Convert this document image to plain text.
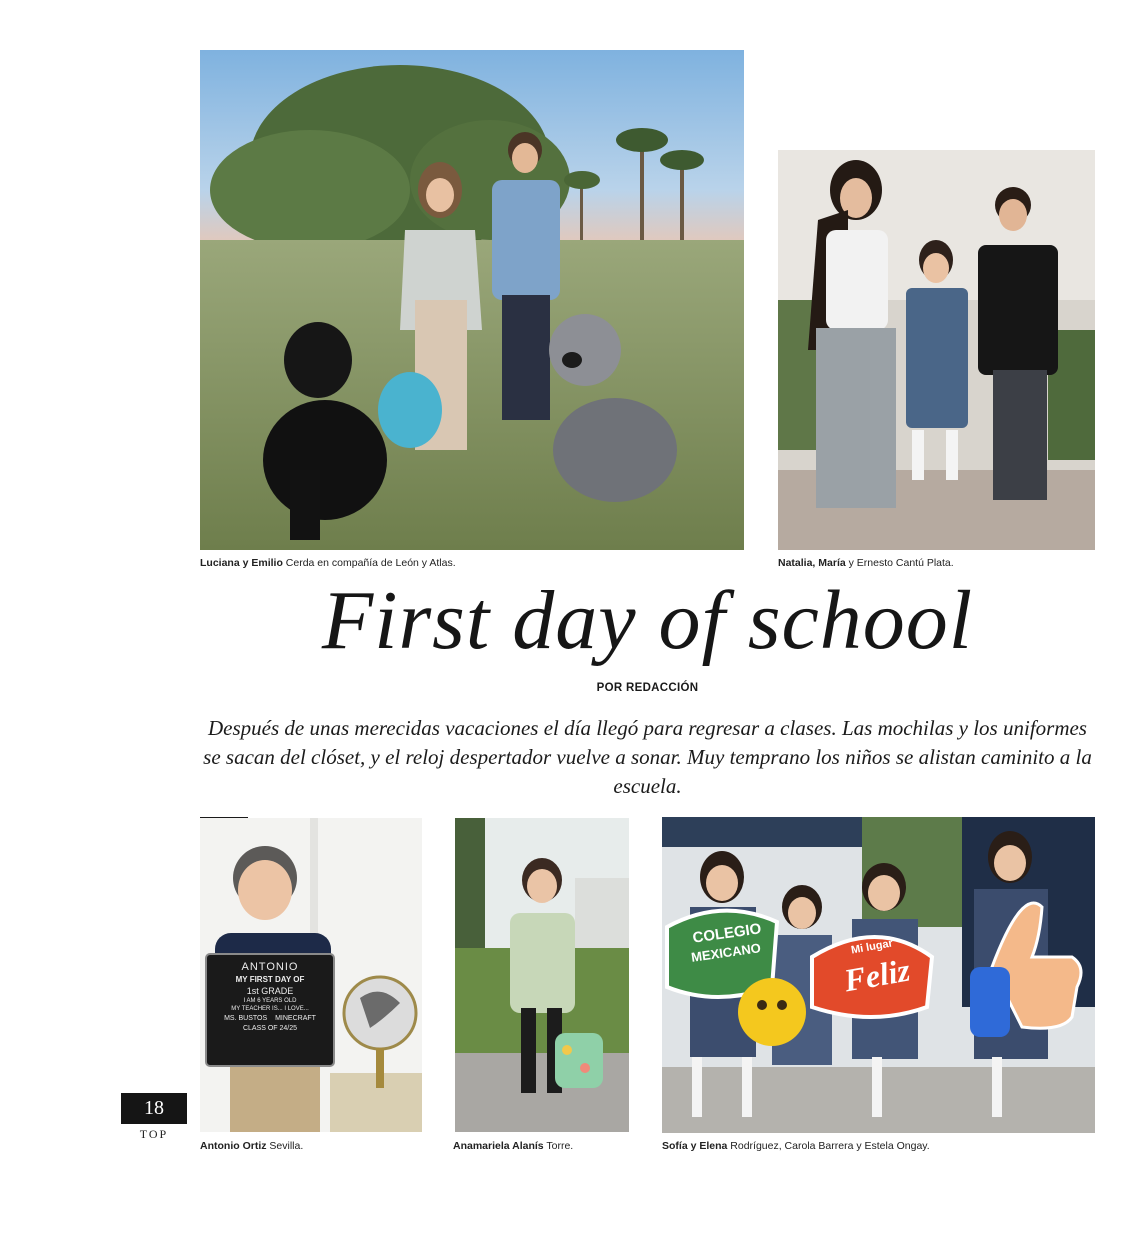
Luciana y Emilio Cerda en compañía de León y Atlas.	Natalia, María y Ernesto Cantú Plata.
First day of school
POR REDACCIÓN

Después de unas merecidas vacaciones el día llegó para regresar a clases. Las mochilas y los uniformes se sacan del clóset, y el reloj despertador vuelve a sonar. Muy temprano los niños se alistan caminito a la escuela.

ANTONIO
MY FIRST DAY OF
1st GRADE
I AM 6 YEARS OLD
MY TEACHER IS... I LOVE...
MS. BUSTOS MINECRAFT
CLASS OF 24/25
Antonio Ortiz Sevilla.	Anamariela Alanís Torre.
COLEGIO
MEXICANO	Mi lugar
Feliz
Sofía y Elena Rodríguez, Carola Barrera y Estela Ongay.
18
TOP
